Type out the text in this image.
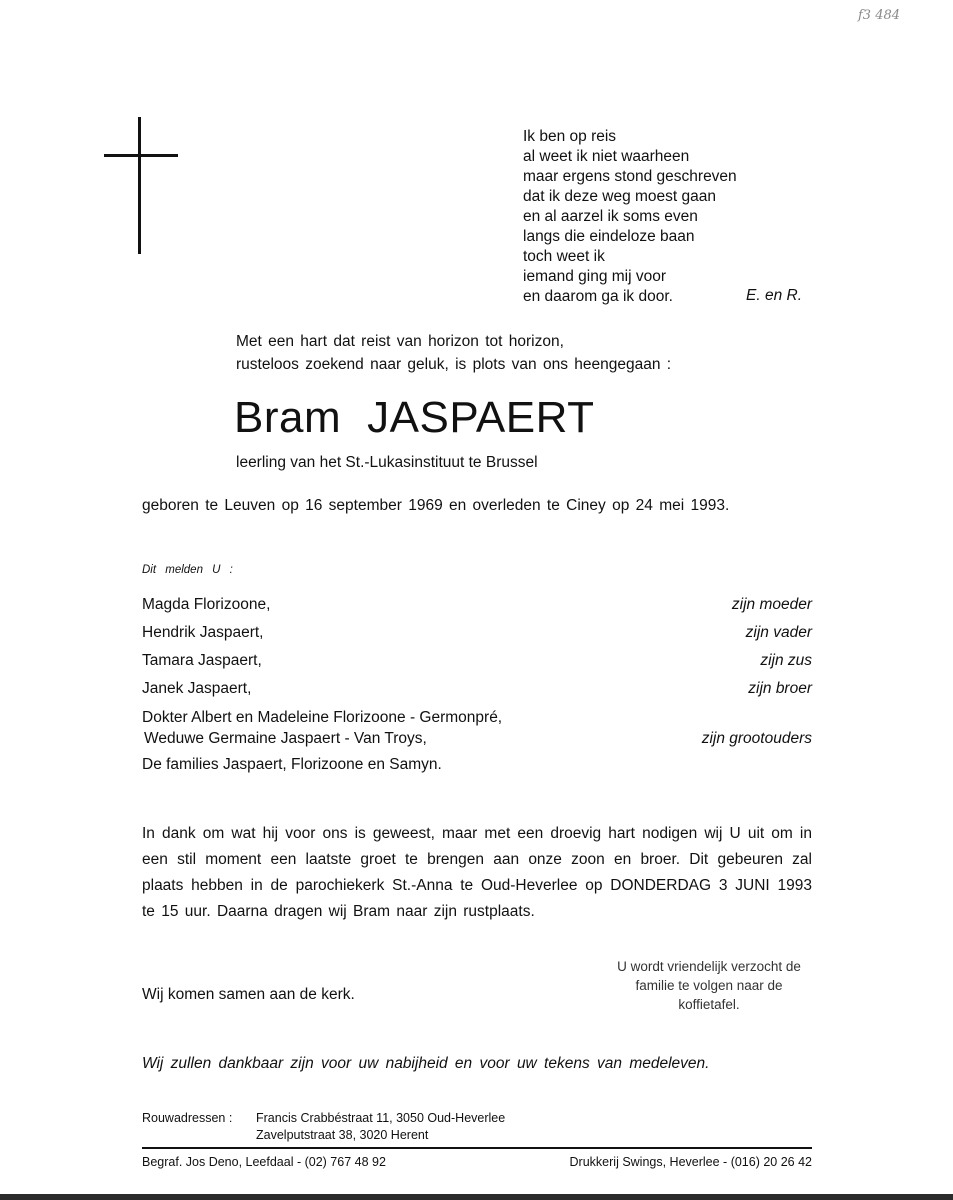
f3 484
Ik ben op reis
al weet ik niet waarheen
maar ergens stond geschreven
dat ik deze weg moest gaan
en al aarzel ik soms even
langs die eindeloze baan
toch weet ik
iemand ging mij voor
en daarom ga ik door.	E. en R.
Met een hart dat reist van horizon tot horizon,
rusteloos zoekend naar geluk, is plots van ons heengegaan :
Bram JASPAERT
leerling van het St.-Lukasinstituut te Brussel
geboren te Leuven op 16 september 1969 en overleden te Ciney op 24 mei 1993.
Dit melden U :
Magda Florizoone,	zijn moeder
Hendrik Jaspaert,	zijn vader
Tamara Jaspaert,	zijn zus
Janek Jaspaert,	zijn broer
Dokter Albert en Madeleine Florizoone - Germonpré,
Weduwe Germaine Jaspaert - Van Troys,	zijn grootouders
De families Jaspaert, Florizoone en Samyn.
In dank om wat hij voor ons is geweest, maar met een droevig hart nodigen wij U uit om in een stil moment een laatste groet te brengen aan onze zoon en broer. Dit gebeuren zal plaats hebben in de parochiekerk St.-Anna te Oud-Heverlee op DONDERDAG 3 JUNI 1993 te 15 uur. Daarna dragen wij Bram naar zijn rustplaats.
Wij komen samen aan de kerk.
U wordt vriendelijk verzocht de familie te volgen naar de koffietafel.
Wij zullen dankbaar zijn voor uw nabijheid en voor uw tekens van medeleven.
Rouwadressen : Francis Crabbéstraat 11, 3050 Oud-Heverlee
Zavelputstraat 38, 3020 Herent
Begraf. Jos Deno, Leefdaal - (02) 767 48 92	Drukkerij Swings, Heverlee - (016) 20 26 42
